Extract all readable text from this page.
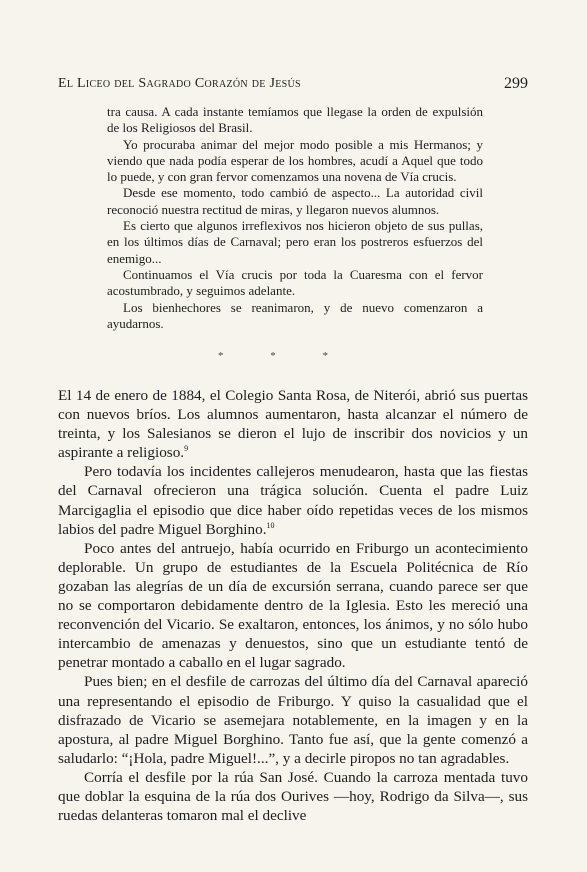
El Liceo del Sagrado Corazón de Jesús	299

tra causa. A cada instante temíamos que llegase la orden de expulsión de los Religiosos del Brasil.

Yo procuraba animar del mejor modo posible a mis Hermanos; y viendo que nada podía esperar de los hombres, acudí a Aquel que todo lo puede, y con gran fervor comenzamos una novena de Vía crucis.

Desde ese momento, todo cambió de aspecto... La autoridad civil reconoció nuestra rectitud de miras, y llegaron nuevos alumnos.

Es cierto que algunos irreflexivos nos hicieron objeto de sus pullas, en los últimos días de Carnaval; pero eran los postreros esfuerzos del enemigo...

Continuamos el Vía crucis por toda la Cuaresma con el fervor acostumbrado, y seguimos adelante.

Los bienhechores se reanimaron, y de nuevo comenzaron a ayudarnos.

*	*	*

El 14 de enero de 1884, el Colegio Santa Rosa, de Niterói, abrió sus puertas con nuevos bríos. Los alumnos aumentaron, hasta alcanzar el número de treinta, y los Salesianos se dieron el lujo de inscribir dos novicios y un aspirante a religioso.$^9$

Pero todavía los incidentes callejeros menudearon, hasta que las fiestas del Carnaval ofrecieron una trágica solución. Cuenta el padre Luiz Marcigaglia el episodio que dice haber oído repetidas veces de los mismos labios del padre Miguel Borghino.$^{10}$

Poco antes del antruejo, había ocurrido en Friburgo un acontecimiento deplorable. Un grupo de estudiantes de la Escuela Politécnica de Río gozaban las alegrías de un día de excursión serrana, cuando parece ser que no se comportaron debidamente dentro de la Iglesia. Esto les mereció una reconvención del Vicario. Se exaltaron, entonces, los ánimos, y no sólo hubo intercambio de amenazas y denuestos, sino que un estudiante tentó de penetrar montado a caballo en el lugar sagrado.

Pues bien; en el desfile de carrozas del último día del Carnaval apareció una representando el episodio de Friburgo. Y quiso la casualidad que el disfrazado de Vicario se asemejara notablemente, en la imagen y en la apostura, al padre Miguel Borghino. Tanto fue así, que la gente comenzó a saludarlo: “¡Hola, padre Miguel!...”, y a decirle piropos no tan agradables.

Corría el desfile por la rúa San José. Cuando la carroza mentada tuvo que doblar la esquina de la rúa dos Ourives —hoy, Rodrigo da Silva—, sus ruedas delanteras tomaron mal el declive
